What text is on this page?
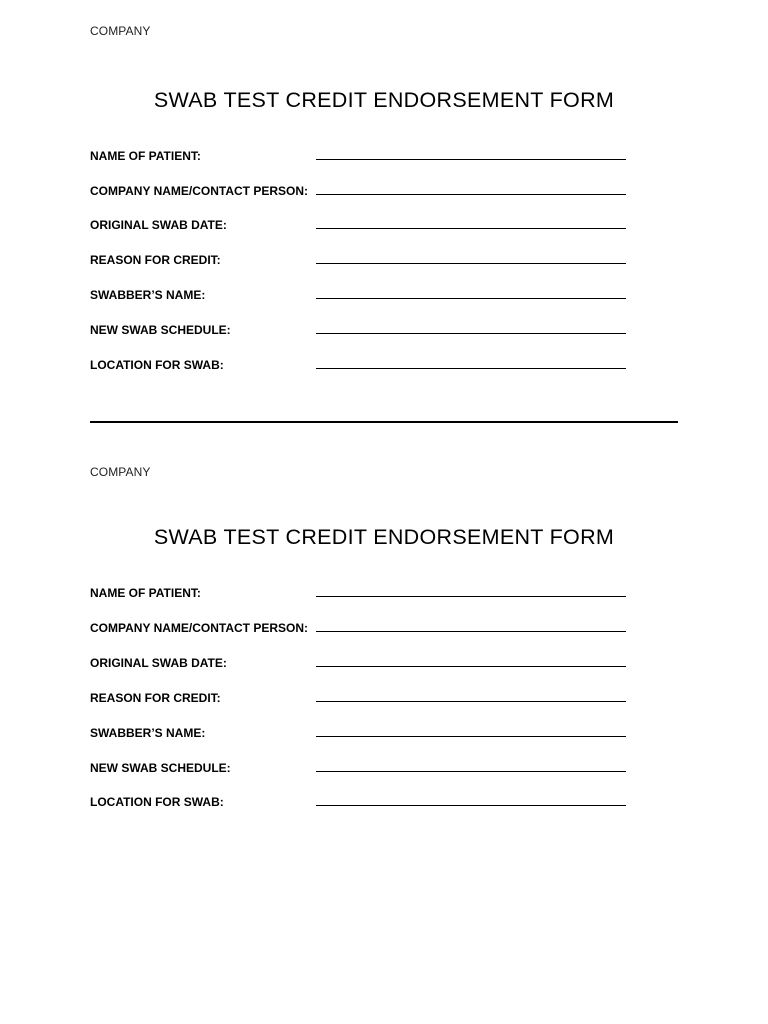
COMPANY
SWAB TEST CREDIT ENDORSEMENT FORM
NAME OF PATIENT:
COMPANY NAME/CONTACT PERSON:
ORIGINAL SWAB DATE:
REASON FOR CREDIT:
SWABBER’S NAME:
NEW SWAB SCHEDULE:
LOCATION FOR SWAB:
COMPANY
SWAB TEST CREDIT ENDORSEMENT FORM
NAME OF PATIENT:
COMPANY NAME/CONTACT PERSON:
ORIGINAL SWAB DATE:
REASON FOR CREDIT:
SWABBER’S NAME:
NEW SWAB SCHEDULE:
LOCATION FOR SWAB:
